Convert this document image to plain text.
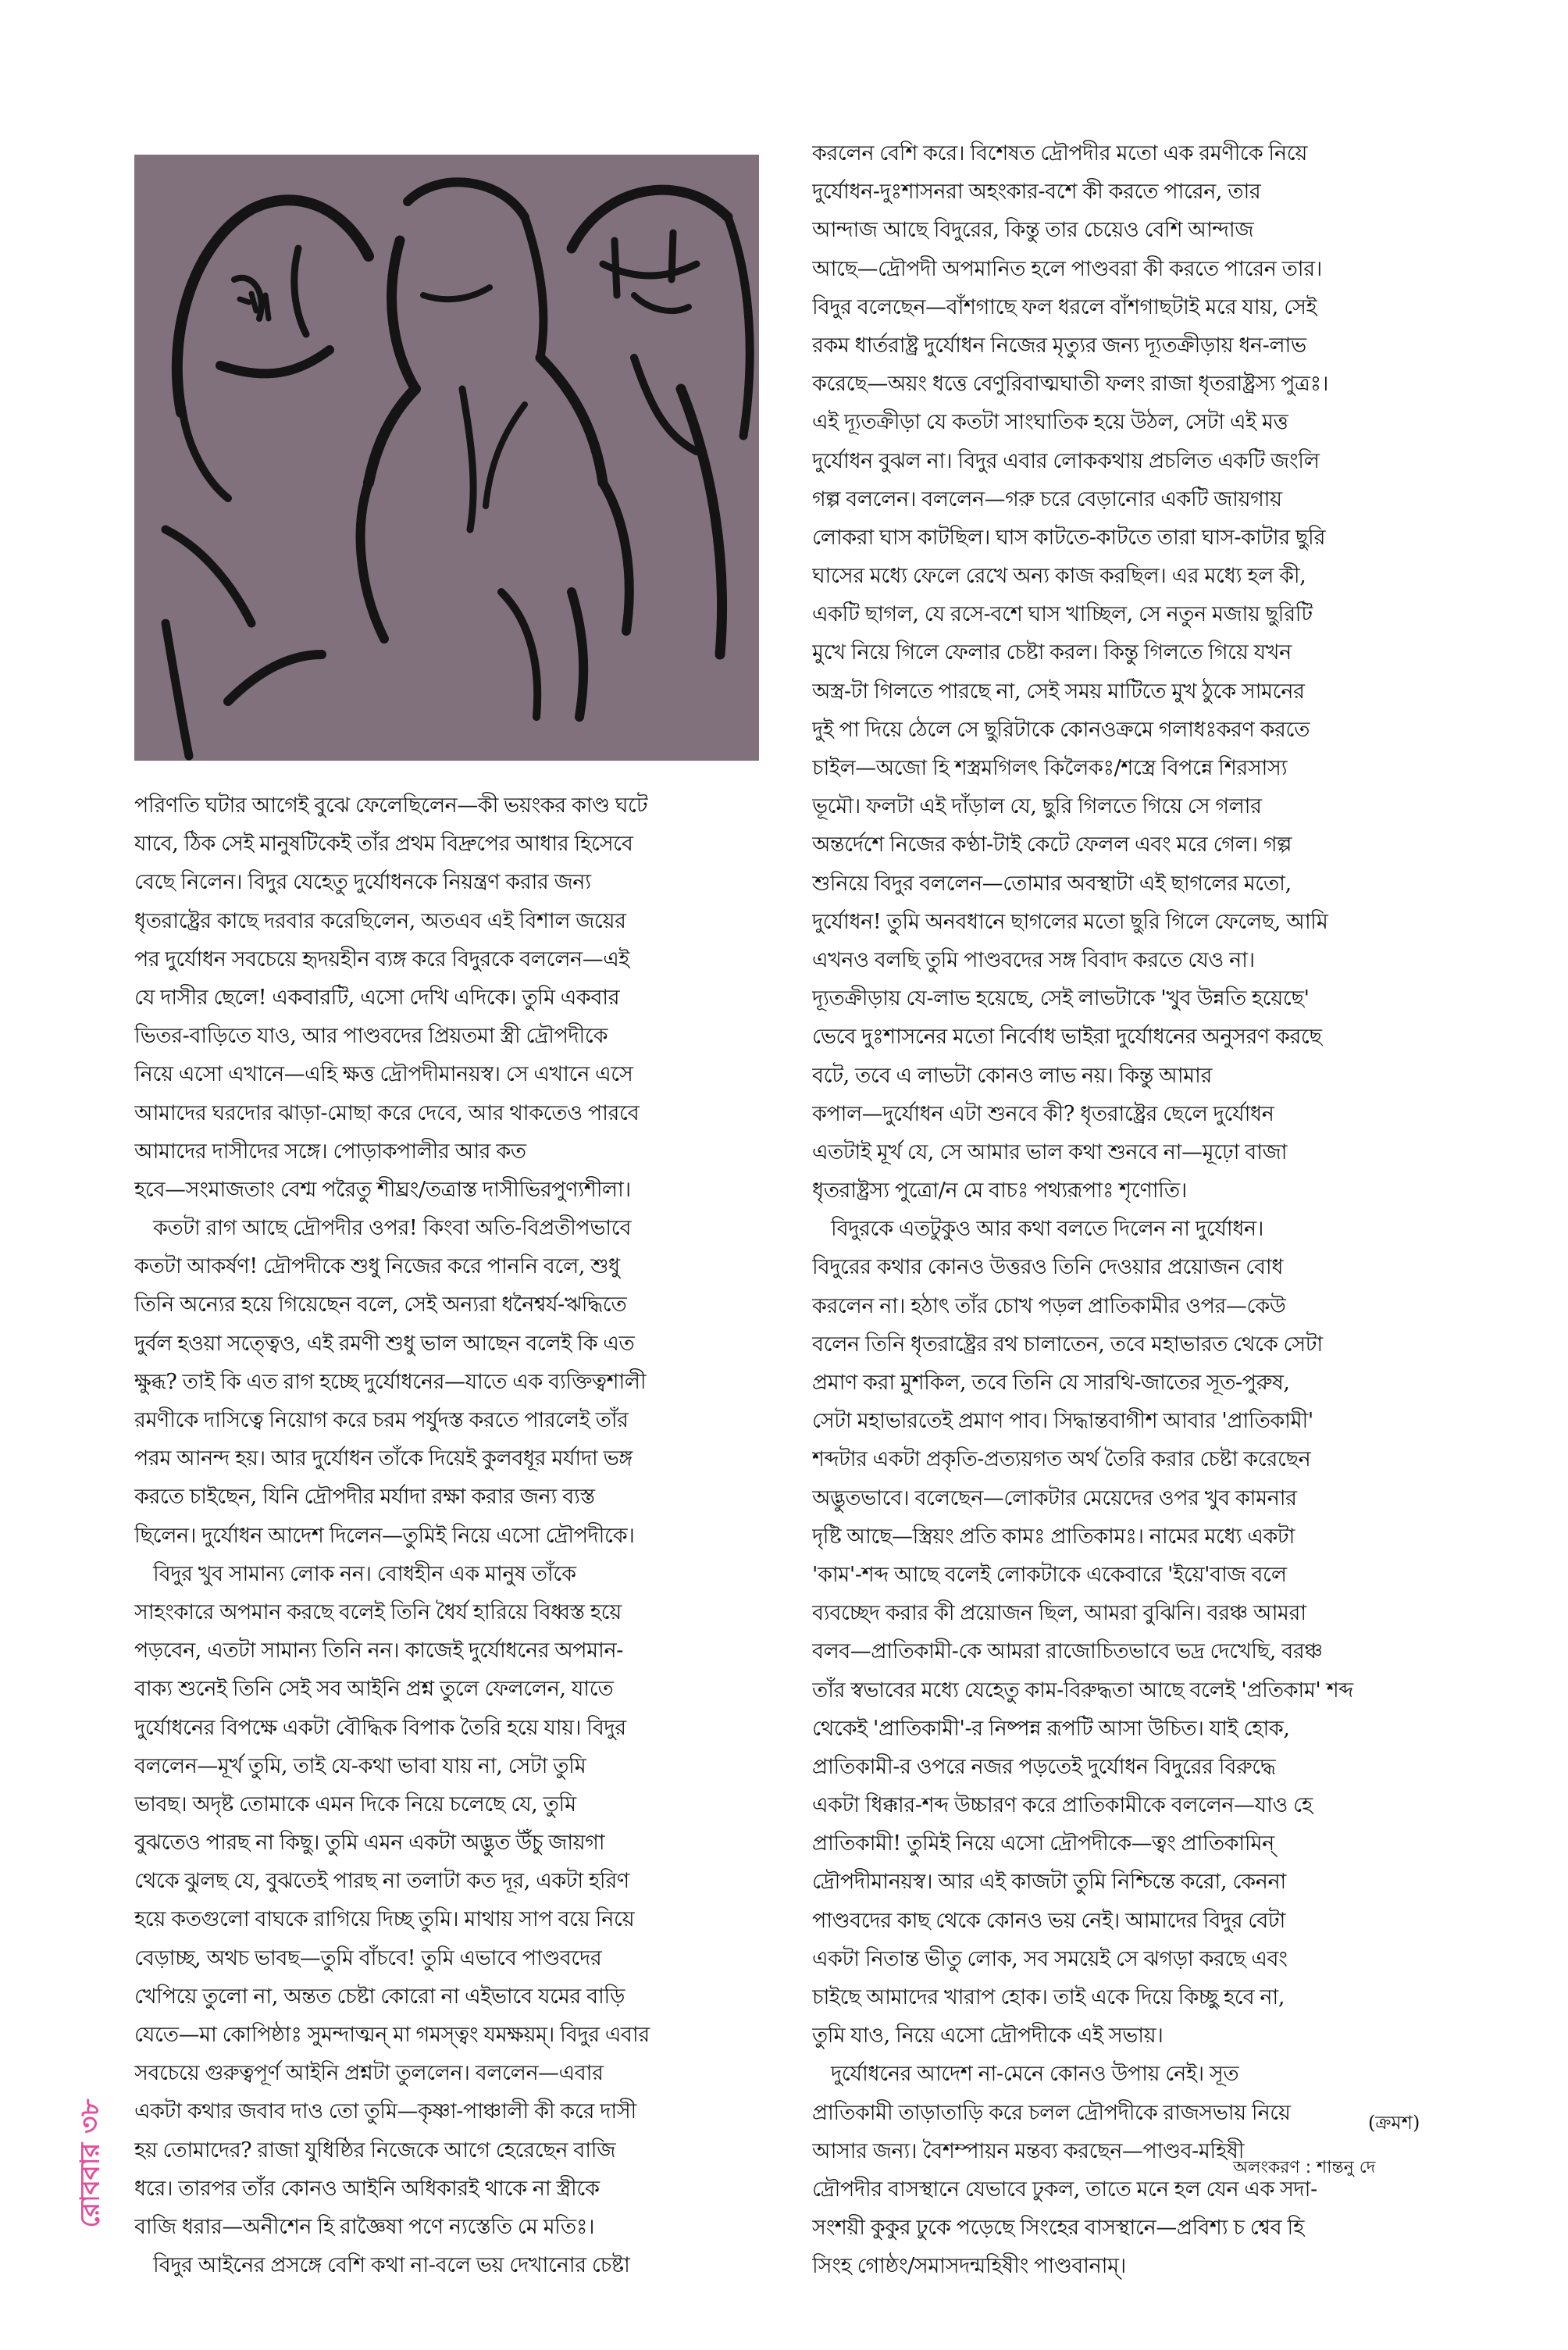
পরিণতি ঘটার আগেই বুঝে ফেলেছিলেন—কী ভয়ংকর কাণ্ড ঘটে
যাবে, ঠিক সেই মানুষটিকেই তাঁর প্রথম বিদ্রুপের আধার হিসেবে
বেছে নিলেন। বিদুর যেহেতু দুর্যোধনকে নিয়ন্ত্রণ করার জন্য
ধৃতরাষ্ট্রের কাছে দরবার করেছিলেন, অতএব এই বিশাল জয়ের
পর দুর্যোধন সবচেয়ে হৃদয়হীন ব্যঙ্গ করে বিদুরকে বললেন—এই
যে দাসীর ছেলে! একবারটি, এসো দেখি এদিকে। তুমি একবার
ভিতর-বাড়িতে যাও, আর পাণ্ডবদের প্রিয়তমা স্ত্রী দ্রৌপদীকে
নিয়ে এসো এখানে—এহি ক্ষত্ত দ্রৌপদীমানয়স্ব। সে এখানে এসে
আমাদের ঘরদোর ঝাড়া-মোছা করে দেবে, আর থাকতেও পারবে
আমাদের দাসীদের সঙ্গে। পোড়াকপালীর আর কত
হবে—সংমাজতাং বেশ্ম পরৈতু শীঘ্রং/তত্রাস্ত দাসীভিরপুণ্যশীলা।
কতটা রাগ আছে দ্রৌপদীর ওপর! কিংবা অতি-বিপ্রতীপভাবে
কতটা আকর্ষণ! দ্রৌপদীকে শুধু নিজের করে পাননি বলে, শুধু
তিনি অন্যের হয়ে গিয়েছেন বলে, সেই অন্যরা ধনৈশ্বর্য-ঋদ্ধিতে
দুর্বল হওয়া সত্ত্বেও, এই রমণী শুধু ভাল আছেন বলেই কি এত
ক্ষুব্ধ? তাই কি এত রাগ হচ্ছে দুর্যোধনের—যাতে এক ব্যক্তিত্বশালী
রমণীকে দাসিত্বে নিয়োগ করে চরম পর্যুদস্ত করতে পারলেই তাঁর
পরম আনন্দ হয়। আর দুর্যোধন তাঁকে দিয়েই কুলবধূর মর্যাদা ভঙ্গ
করতে চাইছেন, যিনি দ্রৌপদীর মর্যাদা রক্ষা করার জন্য ব্যস্ত
ছিলেন। দুর্যোধন আদেশ দিলেন—তুমিই নিয়ে এসো দ্রৌপদীকে।
বিদুর খুব সামান্য লোক নন। বোধহীন এক মানুষ তাঁকে
সাহংকারে অপমান করছে বলেই তিনি ধৈর্য হারিয়ে বিধ্বস্ত হয়ে
পড়বেন, এতটা সামান্য তিনি নন। কাজেই দুর্যোধনের অপমান-
বাক্য শুনেই তিনি সেই সব আইনি প্রশ্ন তুলে ফেললেন, যাতে
দুর্যোধনের বিপক্ষে একটা বৌদ্ধিক বিপাক তৈরি হয়ে যায়। বিদুর
বললেন—মূর্খ তুমি, তাই যে-কথা ভাবা যায় না, সেটা তুমি
ভাবছ। অদৃষ্ট তোমাকে এমন দিকে নিয়ে চলেছে যে, তুমি
বুঝতেও পারছ না কিছু। তুমি এমন একটা অদ্ভুত উঁচু জায়গা
থেকে ঝুলছ যে, বুঝতেই পারছ না তলাটা কত দূর, একটা হরিণ
হয়ে কতগুলো বাঘকে রাগিয়ে দিচ্ছ তুমি। মাথায় সাপ বয়ে নিয়ে
বেড়াচ্ছ, অথচ ভাবছ—তুমি বাঁচবে! তুমি এভাবে পাণ্ডবদের
খেপিয়ে তুলো না, অন্তত চেষ্টা কোরো না এইভাবে যমের বাড়ি
যেতে—মা কোপিষ্ঠাঃ সুমন্দাত্মন্ মা গমস্ত্বং যমক্ষয়ম্। বিদুর এবার
সবচেয়ে গুরুত্বপূর্ণ আইনি প্রশ্নটা তুললেন। বললেন—এবার
একটা কথার জবাব দাও তো তুমি—কৃষ্ণা-পাঞ্চালী কী করে দাসী
হয় তোমাদের? রাজা যুধিষ্ঠির নিজেকে আগে হেরেছেন বাজি
ধরে। তারপর তাঁর কোনও আইনি অধিকারই থাকে না স্ত্রীকে
বাজি ধরার—অনীশেন হি রাজ্ঞৈষা পণে ন্যস্তেতি মে মতিঃ।
বিদুর আইনের প্রসঙ্গে বেশি কথা না-বলে ভয় দেখানোর চেষ্টা
করলেন বেশি করে। বিশেষত দ্রৌপদীর মতো এক রমণীকে নিয়ে
দুর্যোধন-দুঃশাসনরা অহংকার-বশে কী করতে পারেন, তার
আন্দাজ আছে বিদুরের, কিন্তু তার চেয়েও বেশি আন্দাজ
আছে—দ্রৌপদী অপমানিত হলে পাণ্ডবরা কী করতে পারেন তার।
বিদুর বলেছেন—বাঁশগাছে ফল ধরলে বাঁশগাছটাই মরে যায়, সেই
রকম ধার্তরাষ্ট্র দুর্যোধন নিজের মৃত্যুর জন্য দ্যূতক্রীড়ায় ধন-লাভ
করেছে—অয়ং ধত্তে বেণুরিবাত্মঘাতী ফলং রাজা ধৃতরাষ্ট্রস্য পুত্রঃ।
এই দ্যূতক্রীড়া যে কতটা সাংঘাতিক হয়ে উঠল, সেটা এই মত্ত
দুর্যোধন বুঝল না। বিদুর এবার লোককথায় প্রচলিত একটি জংলি
গল্প বললেন। বললেন—গরু চরে বেড়ানোর একটি জায়গায়
লোকরা ঘাস কাটছিল। ঘাস কাটতে-কাটতে তারা ঘাস-কাটার ছুরি
ঘাসের মধ্যে ফেলে রেখে অন্য কাজ করছিল। এর মধ্যে হল কী,
একটি ছাগল, যে রসে-বশে ঘাস খাচ্ছিল, সে নতুন মজায় ছুরিটি
মুখে নিয়ে গিলে ফেলার চেষ্টা করল। কিন্তু গিলতে গিয়ে যখন
অস্ত্র-টা গিলতে পারছে না, সেই সময় মাটিতে মুখ ঠুকে সামনের
দুই পা দিয়ে ঠেলে সে ছুরিটাকে কোনওক্রমে গলাধঃকরণ করতে
চাইল—অজো হি শস্ত্রমগিলৎ কিলৈকঃ/শস্ত্রে বিপন্নে শিরসাস্য
ভূমৌ। ফলটা এই দাঁড়াল যে, ছুরি গিলতে গিয়ে সে গলার
অন্তর্দেশে নিজের কণ্ঠা-টাই কেটে ফেলল এবং মরে গেল। গল্প
শুনিয়ে বিদুর বললেন—তোমার অবস্থাটা এই ছাগলের মতো,
দুর্যোধন! তুমি অনবধানে ছাগলের মতো ছুরি গিলে ফেলেছ, আমি
এখনও বলছি তুমি পাণ্ডবদের সঙ্গ বিবাদ করতে যেও না।
দ্যূতক্রীড়ায় যে-লাভ হয়েছে, সেই লাভটাকে 'খুব উন্নতি হয়েছে'
ভেবে দুঃশাসনের মতো নির্বোধ ভাইরা দুর্যোধনের অনুসরণ করছে
বটে, তবে এ লাভটা কোনও লাভ নয়। কিন্তু আমার
কপাল—দুর্যোধন এটা শুনবে কী? ধৃতরাষ্ট্রের ছেলে দুর্যোধন
এতটাই মূর্খ যে, সে আমার ভাল কথা শুনবে না—মূঢ়ো বাজা
ধৃতরাষ্ট্রস্য পুত্রো/ন মে বাচঃ পথ্যরূপাঃ শৃণোতি।
বিদুরকে এতটুকুও আর কথা বলতে দিলেন না দুর্যোধন।
বিদুরের কথার কোনও উত্তরও তিনি দেওয়ার প্রয়োজন বোধ
করলেন না। হঠাৎ তাঁর চোখ পড়ল প্রাতিকামীর ওপর—কেউ
বলেন তিনি ধৃতরাষ্ট্রের রথ চালাতেন, তবে মহাভারত থেকে সেটা
প্রমাণ করা মুশকিল, তবে তিনি যে সারথি-জাতের সূত-পুরুষ,
সেটা মহাভারতেই প্রমাণ পাব। সিদ্ধান্তবাগীশ আবার 'প্রাতিকামী'
শব্দটার একটা প্রকৃতি-প্রত্যয়গত অর্থ তৈরি করার চেষ্টা করেছেন
অদ্ভুতভাবে। বলেছেন—লোকটার মেয়েদের ওপর খুব কামনার
দৃষ্টি আছে—স্ত্রিয়ং প্রতি কামঃ প্রাতিকামঃ। নামের মধ্যে একটা
'কাম'-শব্দ আছে বলেই লোকটাকে একেবারে 'ইয়ে'বাজ বলে
ব্যবচ্ছেদ করার কী প্রয়োজন ছিল, আমরা বুঝিনি। বরঞ্চ আমরা
বলব—প্রাতিকামী-কে আমরা রাজোচিতভাবে ভদ্র দেখেছি, বরঞ্চ
তাঁর স্বভাবের মধ্যে যেহেতু কাম-বিরুদ্ধতা আছে বলেই 'প্রতিকাম' শব্দ
থেকেই 'প্রাতিকামী'-র নিষ্পন্ন রূপটি আসা উচিত। যাই হোক,
প্রাতিকামী-র ওপরে নজর পড়তেই দুর্যোধন বিদুরের বিরুদ্ধে
একটা ধিক্কার-শব্দ উচ্চারণ করে প্রাতিকামীকে বললেন—যাও হে
প্রাতিকামী! তুমিই নিয়ে এসো দ্রৌপদীকে—ত্বং প্রাতিকামিন্
দ্রৌপদীমানয়স্ব। আর এই কাজটা তুমি নিশ্চিন্তে করো, কেননা
পাণ্ডবদের কাছ থেকে কোনও ভয় নেই। আমাদের বিদুর বেটা
একটা নিতান্ত ভীতু লোক, সব সময়েই সে ঝগড়া করছে এবং
চাইছে আমাদের খারাপ হোক। তাই একে দিয়ে কিচ্ছু হবে না,
তুমি যাও, নিয়ে এসো দ্রৌপদীকে এই সভায়।
দুর্যোধনের আদেশ না-মেনে কোনও উপায় নেই। সূত
প্রাতিকামী তাড়াতাড়ি করে চলল দ্রৌপদীকে রাজসভায় নিয়ে
আসার জন্য। বৈশম্পায়ন মন্তব্য করছেন—পাণ্ডব-মহিষী
দ্রৌপদীর বাসস্থানে যেভাবে ঢুকল, তাতে মনে হল যেন এক সদা-
সংশয়ী কুকুর ঢুকে পড়েছে সিংহের বাসস্থানে—প্রবিশ্য চ শ্বেব হি
সিংহ গোষ্ঠং/সমাসদন্মহিষীং পাণ্ডবানাম্।
(ক্রমশ)
অলংকরণ : শান্তনু দে
রোববার ৩৮
